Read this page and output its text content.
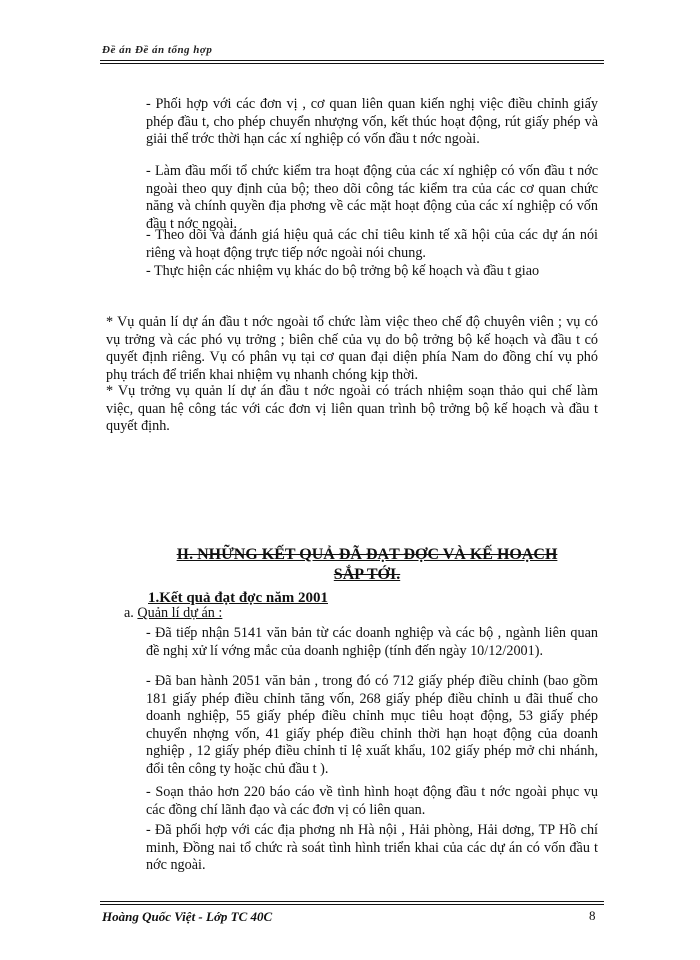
Đề án Đề án tổng hợp
- Phối hợp với các đơn vị , cơ quan liên quan kiến nghị việc điều chỉnh giấy phép đầu t, cho phép chuyển nhượng vốn, kết thúc hoạt động, rút giấy phép và giải thể trớc thời hạn các xí nghiệp có vốn đầu t nớc ngoài.
- Làm đầu mối tổ chức kiểm tra hoạt động của các xí nghiệp có vốn đầu t nớc ngoài theo quy định của bộ; theo dõi công tác kiểm tra của các cơ quan chức năng và chính quyền địa phơng về các mặt hoạt động của các xí nghiệp có vốn đầu t nớc ngoài.
- Theo dõi và đánh giá hiệu quả các chỉ tiêu kinh tế xã hội của các dự án nói riêng và hoạt động trực tiếp nớc ngoài nói chung.
- Thực hiện các nhiệm vụ khác do bộ trởng bộ kế hoạch và đầu t giao
* Vụ quản lí dự án đầu t nớc ngoài tổ chức làm việc theo chế độ chuyên viên ; vụ có vụ trởng và các phó vụ trởng ; biên chế của vụ do bộ trởng bộ kế hoạch và đầu t có quyết định riêng. Vụ có phân vụ tại cơ quan đại diện phía Nam do đồng chí vụ phó phụ trách để triển khai nhiệm vụ nhanh chóng kịp thời.
* Vụ trởng vụ quản lí dự án đầu t nớc ngoài có trách nhiệm soạn thảo qui chế làm việc, quan hệ công tác với các đơn vị liên quan trình bộ trởng bộ kế hoạch và đầu t quyết định.
II. NHỮNG KẾT QUẢ ĐÃ ĐẠT ĐỢC VÀ KẾ HOẠCH
SẮP TỚI.
1.Kết quả đạt đợc năm 2001
a. Quản lí dự án :
- Đã tiếp nhận 5141 văn bản từ các doanh nghiệp và các bộ , ngành liên quan đề nghị xử lí vớng mắc của doanh nghiệp (tính đến ngày 10/12/2001).
- Đã ban hành 2051 văn bản , trong đó có 712 giấy phép điều chỉnh (bao gồm 181 giấy phép điều chỉnh tăng vốn, 268 giấy phép điều chỉnh u đãi thuế cho doanh nghiệp, 55 giấy phép điều chỉnh mục tiêu hoạt động, 53 giấy phép chuyển nhợng vốn, 41 giấy phép điều chỉnh thời hạn hoạt động của doanh nghiệp , 12 giấy phép điều chỉnh tỉ lệ xuất khẩu, 102 giấy phép mở chi nhánh, đổi tên công ty hoặc chủ đầu t ).
- Soạn thảo hơn 220 báo cáo về tình hình hoạt động đầu t nớc ngoài phục vụ các đồng chí lãnh đạo và các đơn vị có liên quan.
- Đã phối hợp với các địa phơng nh Hà nội , Hải phòng, Hải dơng, TP Hồ chí minh, Đồng nai tổ chức rà soát tình hình triển khai của các dự án có vốn đầu t nớc ngoài.
Hoàng Quốc Việt - Lớp TC 40C	8
